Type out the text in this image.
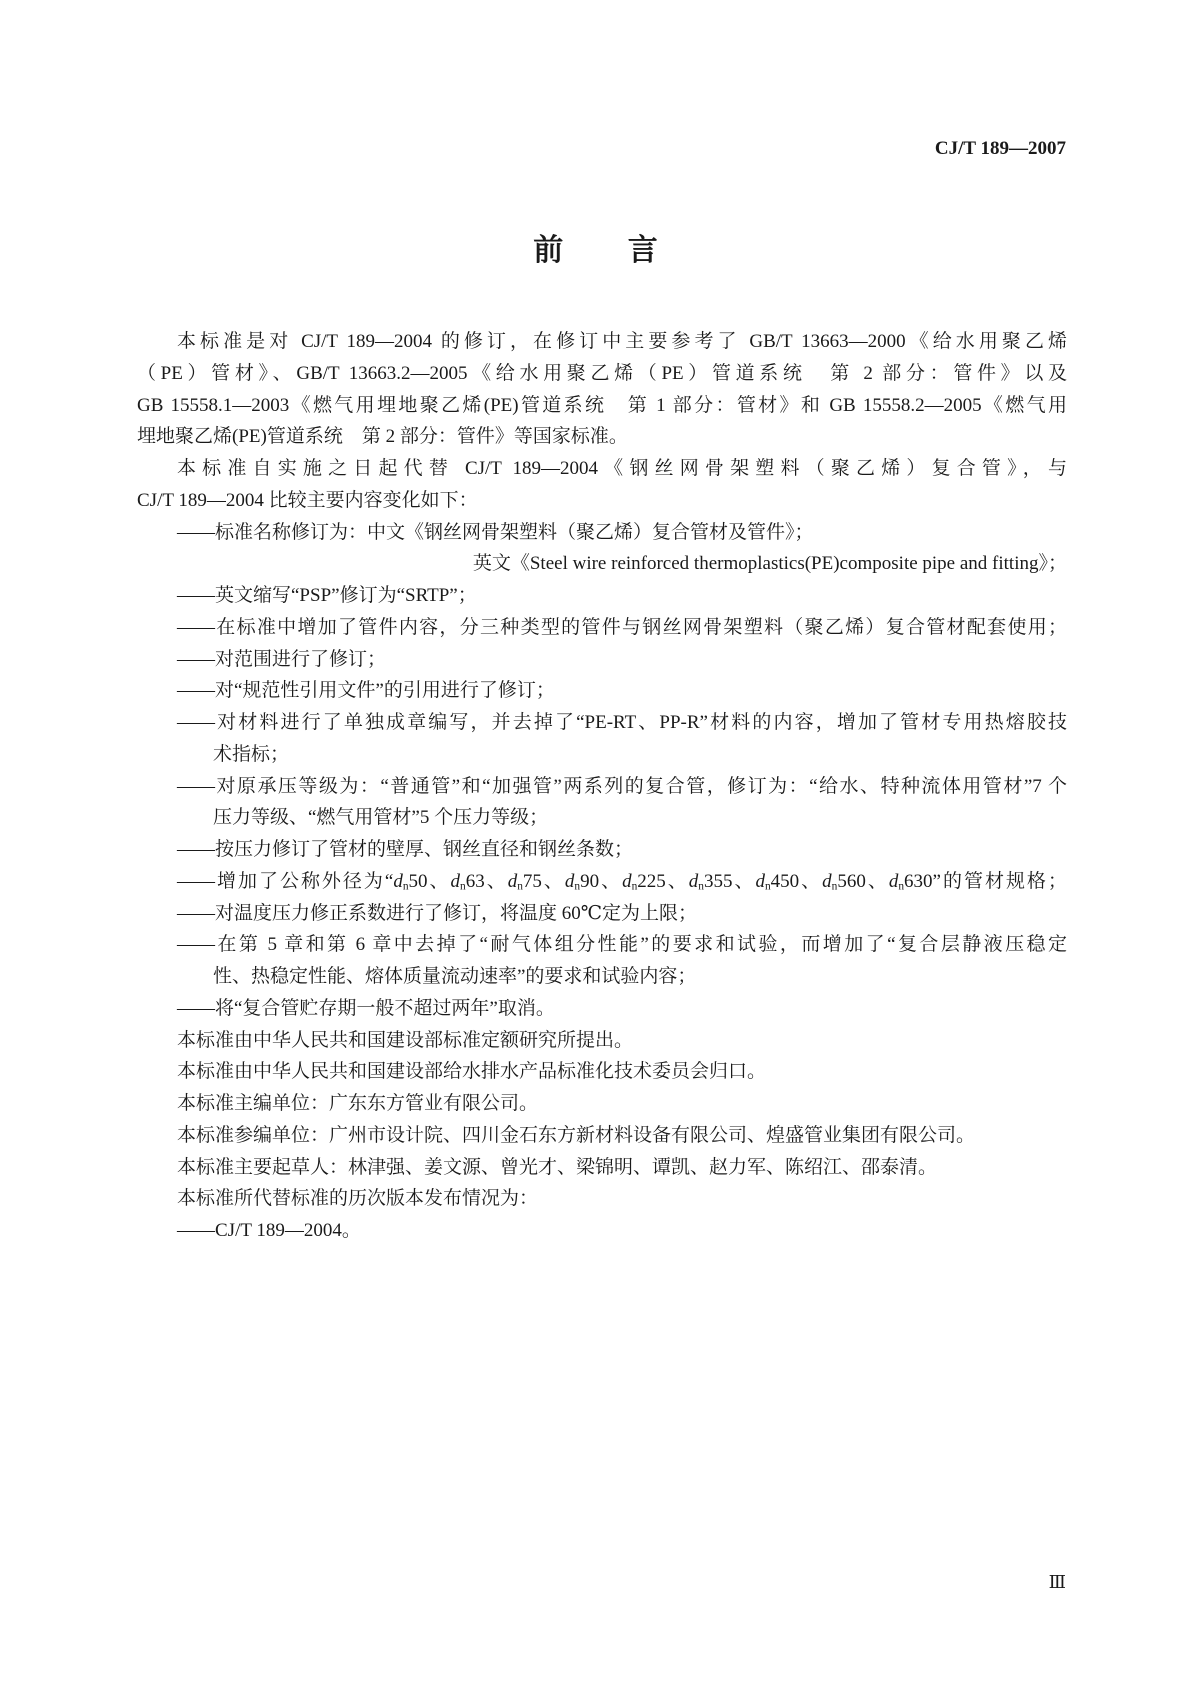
CJ/T 189—2007
前 言
本标准是对 CJ/T 189—2004 的修订，在修订中主要参考了 GB/T 13663—2000《给水用聚乙烯
（PE）管材》、GB/T 13663.2—2005《给水用聚乙烯（PE）管道系统　第 2 部分：管件》以及
GB 15558.1—2003《燃气用埋地聚乙烯(PE)管道系统　第 1 部分：管材》和 GB 15558.2—2005《燃气用
埋地聚乙烯(PE)管道系统　第 2 部分：管件》等国家标准。
本标准自实施之日起代替 CJ/T 189—2004《钢丝网骨架塑料（聚乙烯）复合管》，与
CJ/T 189—2004 比较主要内容变化如下：
——标准名称修订为：中文《钢丝网骨架塑料（聚乙烯）复合管材及管件》；
英文《Steel wire reinforced thermoplastics(PE)composite pipe and fitting》；
——英文缩写“PSP”修订为“SRTP”；
——在标准中增加了管件内容，分三种类型的管件与钢丝网骨架塑料（聚乙烯）复合管材配套使用；
——对范围进行了修订；
——对“规范性引用文件”的引用进行了修订；
——对材料进行了单独成章编写，并去掉了“PE-RT、PP-R”材料的内容，增加了管材专用热熔胶技
术指标；
——对原承压等级为：“普通管”和“加强管”两系列的复合管，修订为：“给水、特种流体用管材”7 个
压力等级、“燃气用管材”5 个压力等级；
——按压力修订了管材的壁厚、钢丝直径和钢丝条数；
——增加了公称外径为“$d_n50$、$d_n63$、$d_n75$、$d_n90$、$d_n225$、$d_n355$、$d_n450$、$d_n560$、$d_n630$”的管材规格；
——对温度压力修正系数进行了修订，将温度 60℃定为上限；
——在第 5 章和第 6 章中去掉了“耐气体组分性能”的要求和试验，而增加了“复合层静液压稳定
性、热稳定性能、熔体质量流动速率”的要求和试验内容；
——将“复合管贮存期一般不超过两年”取消。
本标准由中华人民共和国建设部标准定额研究所提出。
本标准由中华人民共和国建设部给水排水产品标准化技术委员会归口。
本标准主编单位：广东东方管业有限公司。
本标准参编单位：广州市设计院、四川金石东方新材料设备有限公司、煌盛管业集团有限公司。
本标准主要起草人：林津强、姜文源、曾光才、梁锦明、谭凯、赵力军、陈绍江、邵泰清。
本标准所代替标准的历次版本发布情况为：
——CJ/T 189—2004。
Ⅲ
